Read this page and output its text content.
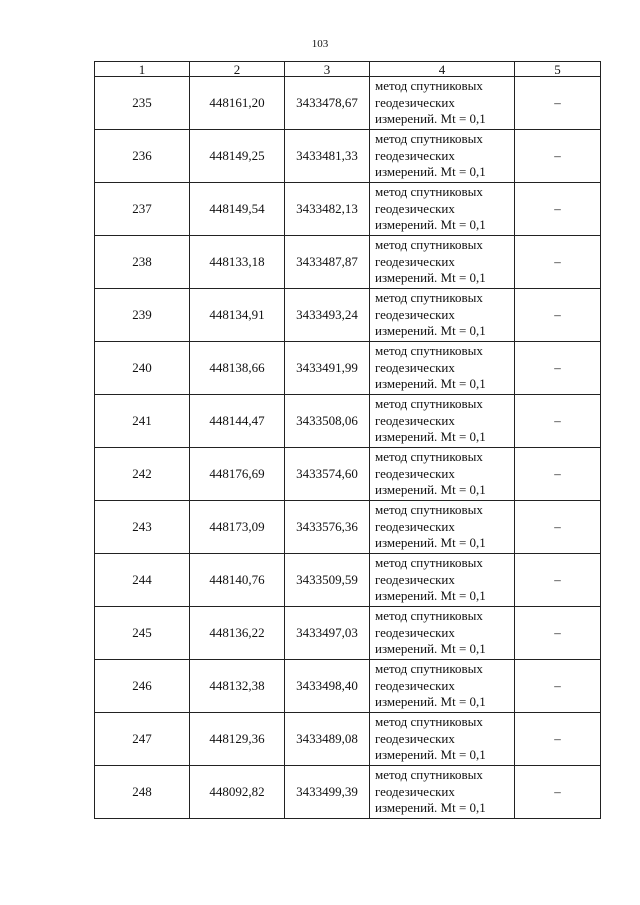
103
1	2	3	4	5
235	448161,20	3433478,67	метод спутниковых
геодезических
измерений. Mt = 0,1	–
236	448149,25	3433481,33	метод спутниковых
геодезических
измерений. Mt = 0,1	–
237	448149,54	3433482,13	метод спутниковых
геодезических
измерений. Mt = 0,1	–
238	448133,18	3433487,87	метод спутниковых
геодезических
измерений. Mt = 0,1	–
239	448134,91	3433493,24	метод спутниковых
геодезических
измерений. Mt = 0,1	–
240	448138,66	3433491,99	метод спутниковых
геодезических
измерений. Mt = 0,1	–
241	448144,47	3433508,06	метод спутниковых
геодезических
измерений. Mt = 0,1	–
242	448176,69	3433574,60	метод спутниковых
геодезических
измерений. Mt = 0,1	–
243	448173,09	3433576,36	метод спутниковых
геодезических
измерений. Mt = 0,1	–
244	448140,76	3433509,59	метод спутниковых
геодезических
измерений. Mt = 0,1	–
245	448136,22	3433497,03	метод спутниковых
геодезических
измерений. Mt = 0,1	–
246	448132,38	3433498,40	метод спутниковых
геодезических
измерений. Mt = 0,1	–
247	448129,36	3433489,08	метод спутниковых
геодезических
измерений. Mt = 0,1	–
248	448092,82	3433499,39	метод спутниковых
геодезических
измерений. Mt = 0,1	–
